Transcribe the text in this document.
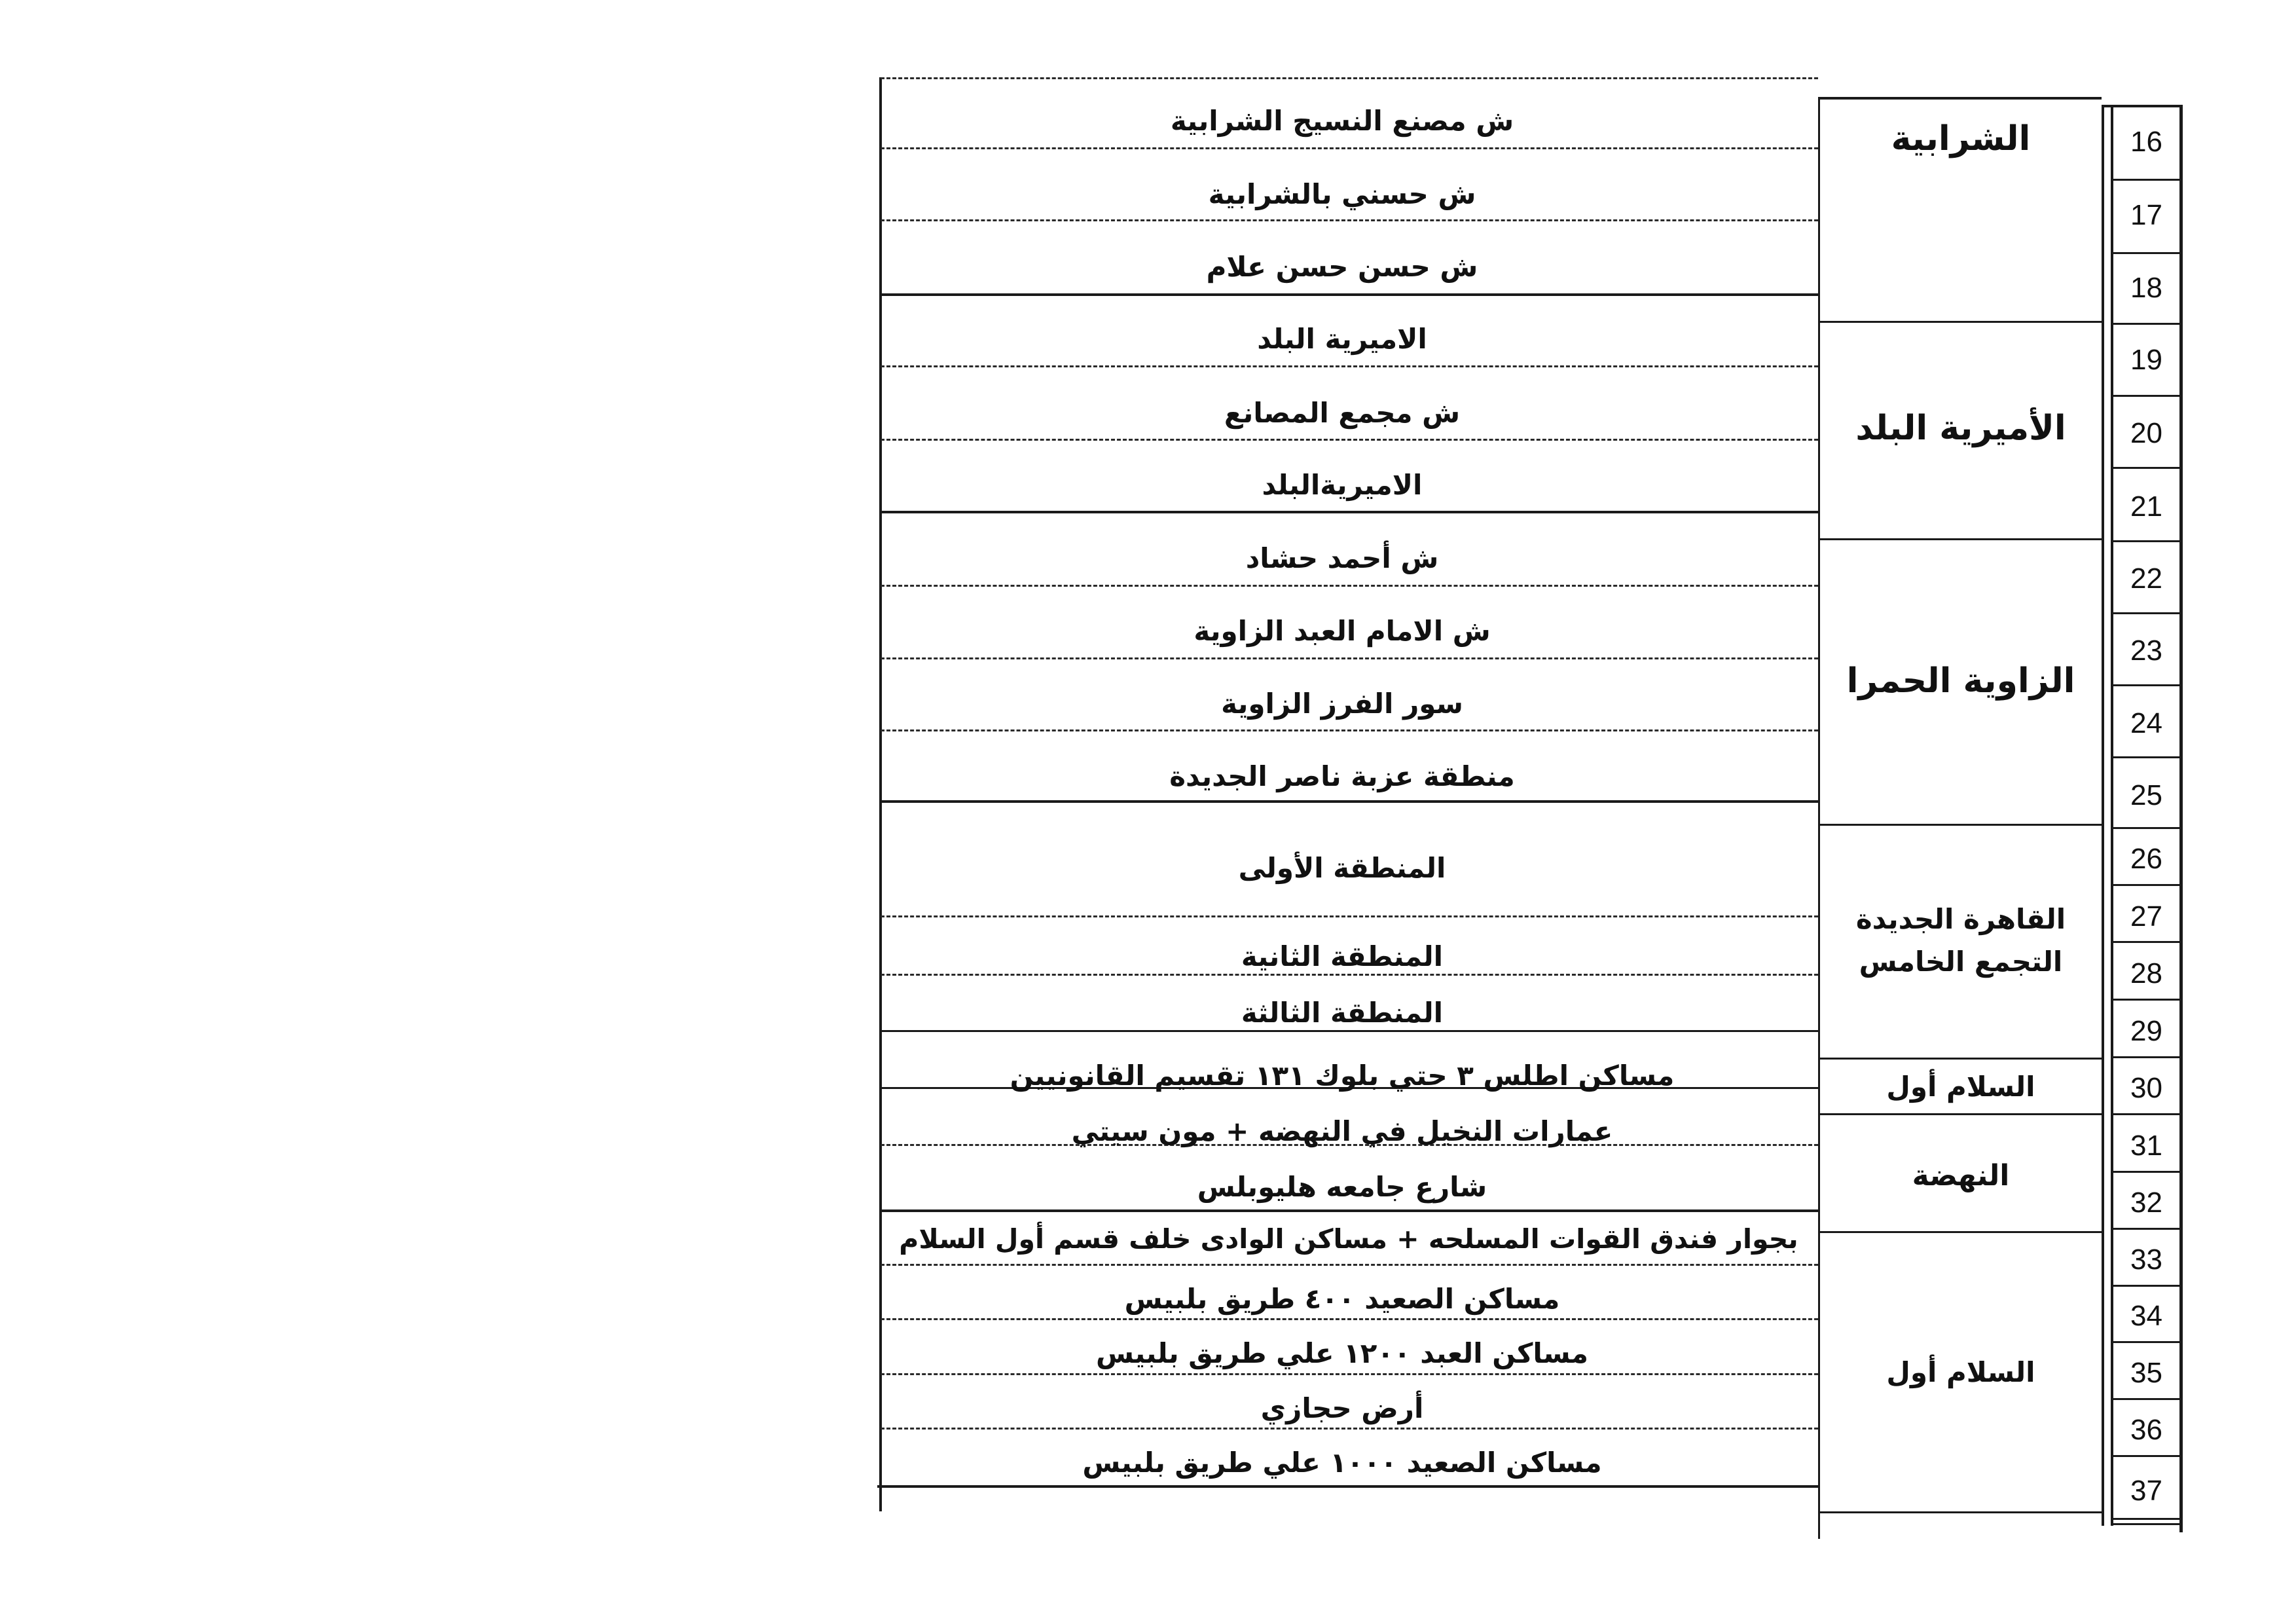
ش مصنع النسيج الشرابية
ش حسني بالشرابية
ش حسن حسن علام
الاميرية البلد
ش مجمع المصانع
الاميريةالبلد
ش أحمد حشاد
ش الامام العبد الزاوية
سور الفرز الزاوية
منطقة عزبة ناصر الجديدة
المنطقة الأولى
المنطقة الثانية
المنطقة الثالثة
مساكن اطلس ٣ حتي بلوك ١٣١ تقسيم القانونيين
عمارات النخيل في النهضه + مون سيتي
شارع جامعه هليوبلس
بجوار فندق القوات المسلحه + مساكن الوادى خلف قسم أول السلام
مساكن الصعيد ٤٠٠ طريق بلبيس
مساكن العبد ١٢٠٠ علي طريق بلبيس
أرض حجازي
مساكن الصعيد ١٠٠٠ علي طريق بلبيس
الشرابية
الأميرية البلد
الزاوية الحمرا
القاهرة الجديدة
التجمع الخامس
السلام أول
النهضة
السلام أول
16
17
18
19
20
21
22
23
24
25
26
27
28
29
30
31
32
33
34
35
36
37
